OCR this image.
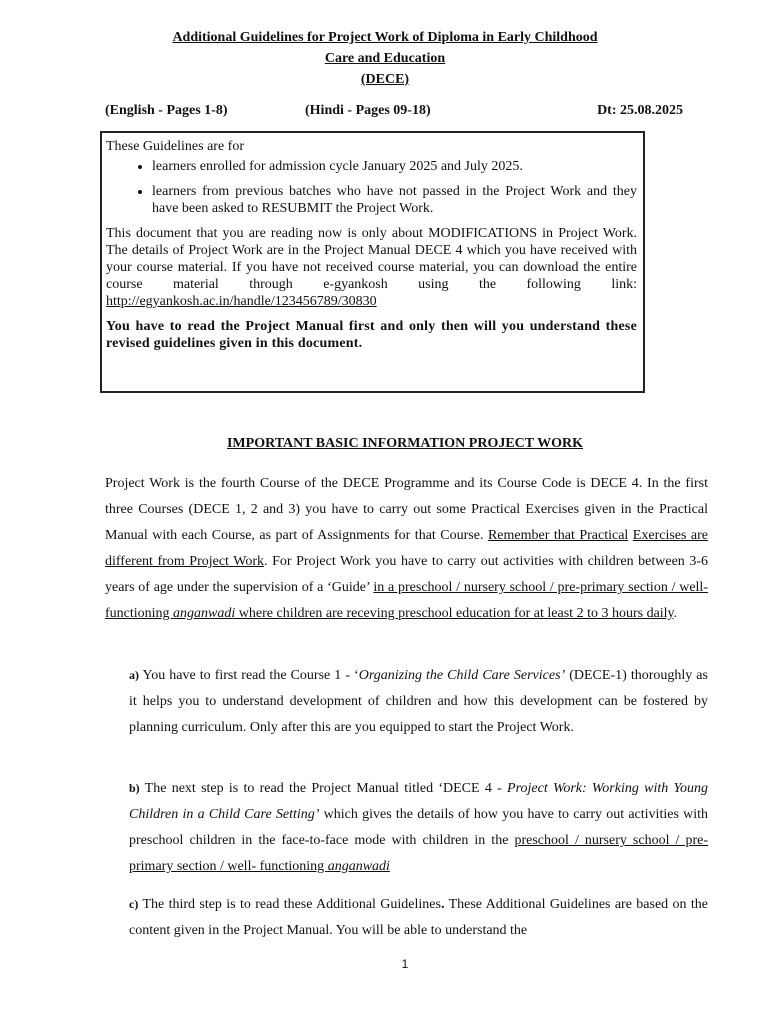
Additional Guidelines for Project Work of Diploma in Early Childhood
Care and Education
(DECE)
(English - Pages 1-8)	(Hindi - Pages 09-18)	Dt: 25.08.2025

These Guidelines are for

• learners enrolled for admission cycle January 2025 and July 2025.
• learners from previous batches who have not passed in the Project Work and they have been asked to RESUBMIT the Project Work.

This document that you are reading now is only about MODIFICATIONS in Project Work. The details of Project Work are in the Project Manual DECE 4 which you have received with your course material. If you have not received course material, you can download the entire course material through e-gyankosh using the following link: http://egyankosh.ac.in/handle/123456789/30830

You have to read the Project Manual first and only then will you understand these revised guidelines given in this document.

IMPORTANT BASIC INFORMATION PROJECT WORK

Project Work is the fourth Course of the DECE Programme and its Course Code is DECE 4. In the first three Courses (DECE 1, 2 and 3) you have to carry out some Practical Exercises given in the Practical Manual with each Course, as part of Assignments for that Course. Remember that Practical Exercises are different from Project Work. For Project Work you have to carry out activities with children between 3-6 years of age under the supervision of a ‘Guide’ in a preschool / nursery school / pre-primary section / well- functioning anganwadi where children are receving preschool education for at least 2 to 3 hours daily.

a) You have to first read the Course 1 - ‘Organizing the Child Care Services’ (DECE-1) thoroughly as it helps you to understand development of children and how this development can be fostered by planning curriculum. Only after this are you equipped to start the Project Work.

b) The next step is to read the Project Manual titled ‘DECE 4 - Project Work: Working with Young Children in a Child Care Setting’ which gives the details of how you have to carry out activities with preschool children in the face-to-face mode with children in the preschool / nursery school / pre-primary section / well- functioning anganwadi

c) The third step is to read these Additional Guidelines. These Additional Guidelines are based on the content given in the Project Manual. You will be able to understand the

1
